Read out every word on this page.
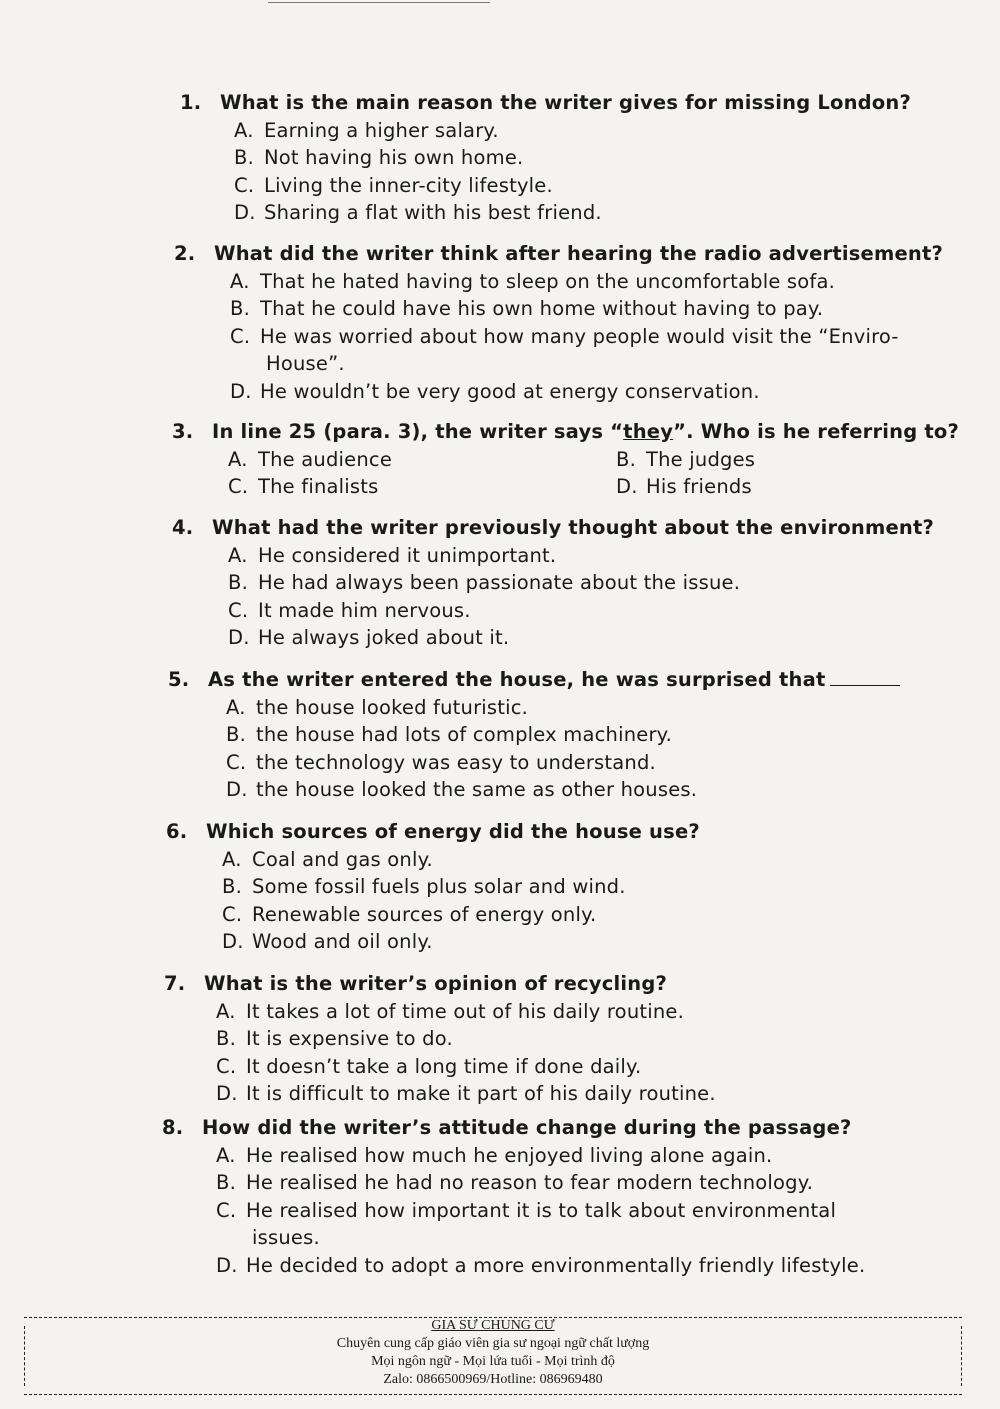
1. What is the main reason the writer gives for missing London?
A. Earning a higher salary.
B. Not having his own home.
C. Living the inner-city lifestyle.
D. Sharing a flat with his best friend.
2. What did the writer think after hearing the radio advertisement?
A. That he hated having to sleep on the uncomfortable sofa.
B. That he could have his own home without having to pay.
C. He was worried about how many people would visit the “Enviro-
House”.
D. He wouldn’t be very good at energy conservation.
3. In line 25 (para. 3), the writer says “they”. Who is he referring to?
A. The audience	B. The judges
C. The finalists	D. His friends
4. What had the writer previously thought about the environment?
A. He considered it unimportant.
B. He had always been passionate about the issue.
C. It made him nervous.
D. He always joked about it.
5. As the writer entered the house, he was surprised that
A. the house looked futuristic.
B. the house had lots of complex machinery.
C. the technology was easy to understand.
D. the house looked the same as other houses.
6. Which sources of energy did the house use?
A. Coal and gas only.
B. Some fossil fuels plus solar and wind.
C. Renewable sources of energy only.
D. Wood and oil only.
7. What is the writer’s opinion of recycling?
A. It takes a lot of time out of his daily routine.
B. It is expensive to do.
C. It doesn’t take a long time if done daily.
D. It is difficult to make it part of his daily routine.
8. How did the writer’s attitude change during the passage?
A. He realised how much he enjoyed living alone again.
B. He realised he had no reason to fear modern technology.
C. He realised how important it is to talk about environmental
issues.
D. He decided to adopt a more environmentally friendly lifestyle.
GIA SƯ CHUNG CƯ
Chuyên cung cấp giáo viên gia sư ngoại ngữ chất lượng
Mọi ngôn ngữ - Mọi lứa tuổi - Mọi trình độ
Zalo: 0866500969/Hotline: 086969480
